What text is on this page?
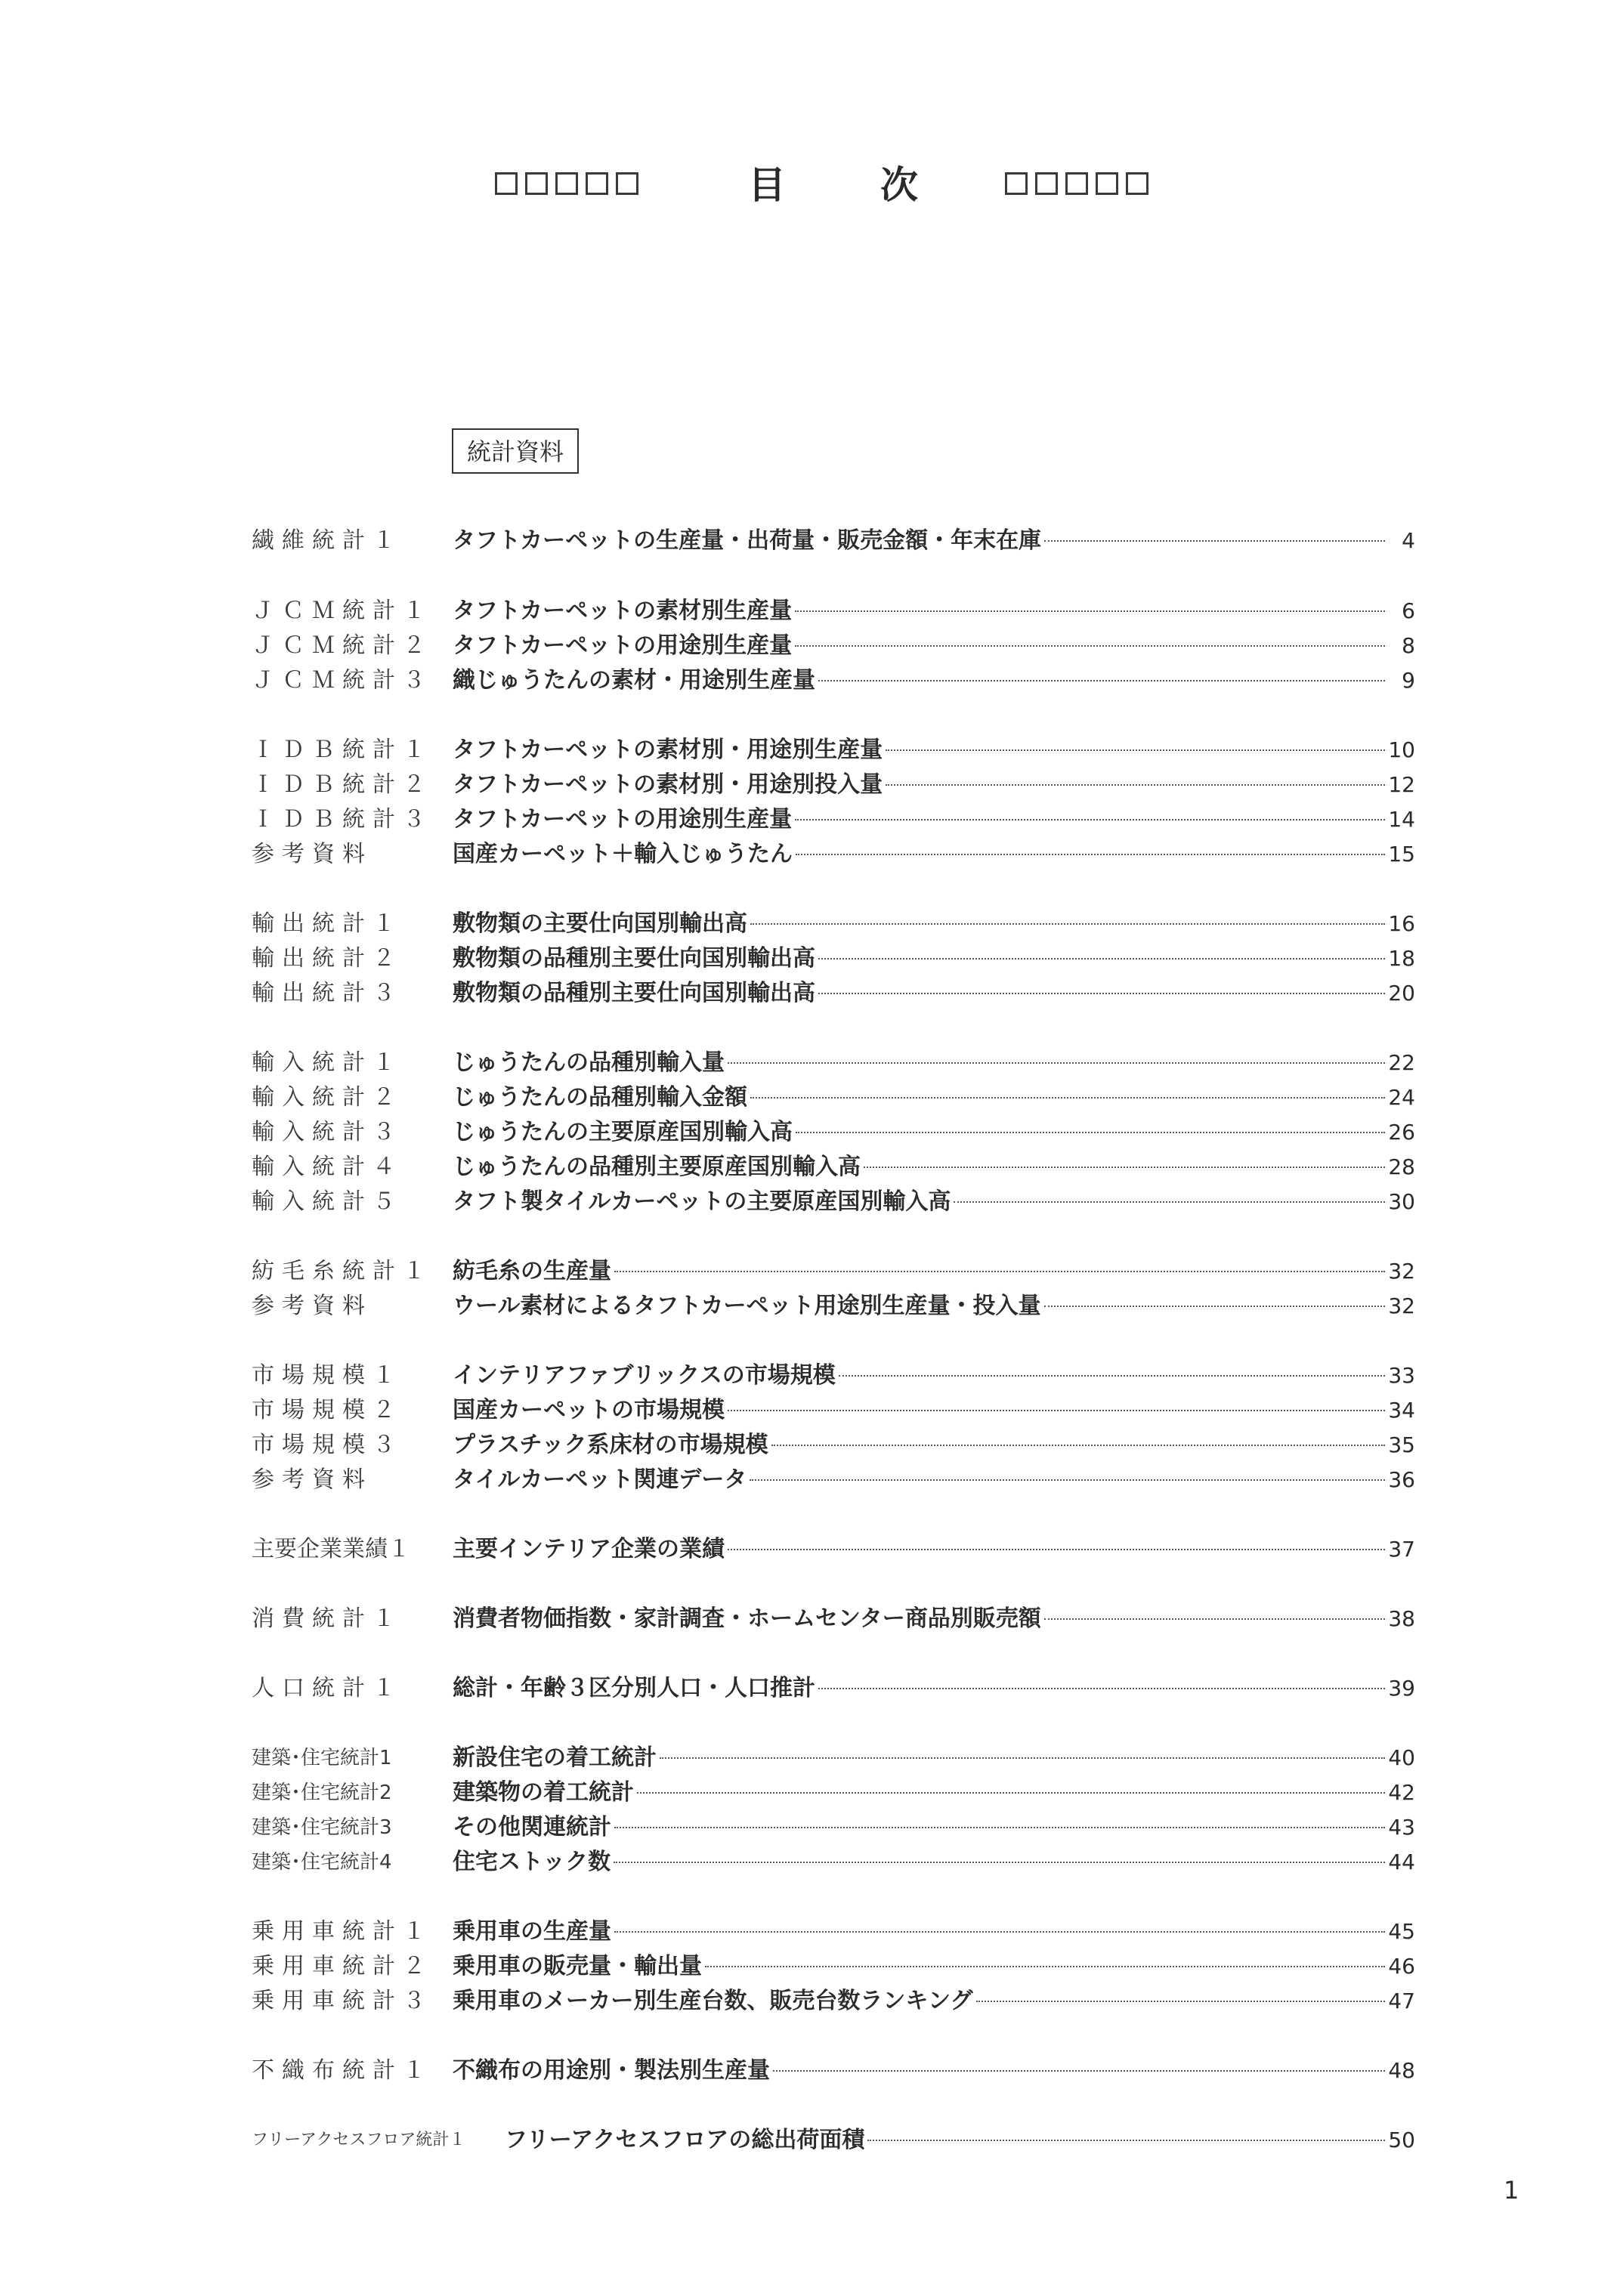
目	次
統計資料
繊維統計１	タフトカーペットの生産量・出荷量・販売金額・年末在庫	4
ＪＣＭ統計１ タフトカーペットの素材別生産量	6
ＪＣＭ統計２ タフトカーペットの用途別生産量	8
ＪＣＭ統計３ 織じゅうたんの素材・用途別生産量	9
ＩＤＢ統計１ タフトカーペットの素材別・用途別生産量	10
ＩＤＢ統計２ タフトカーペットの素材別・用途別投入量	12
ＩＤＢ統計３ タフトカーペットの用途別生産量	14
参考資料	国産カーペット＋輸入じゅうたん	15
輸出統計１	敷物類の主要仕向国別輸出高	16
輸出統計２	敷物類の品種別主要仕向国別輸出高	18
輸出統計３	敷物類の品種別主要仕向国別輸出高	20
輸入統計１	じゅうたんの品種別輸入量	22
輸入統計２	じゅうたんの品種別輸入金額	24
輸入統計３	じゅうたんの主要原産国別輸入高	26
輸入統計４	じゅうたんの品種別主要原産国別輸入高	28
輸入統計５	タフト製タイルカーペットの主要原産国別輸入高	30
紡毛糸統計１ 紡毛糸の生産量	32
参考資料	ウール素材によるタフトカーペット用途別生産量・投入量	32
市場規模１	インテリアファブリックスの市場規模	33
市場規模２	国産カーペットの市場規模	34
市場規模３	プラスチック系床材の市場規模	35
参考資料	タイルカーペット関連データ	36
主要企業業績１	主要インテリア企業の業績	37
消費統計１	消費者物価指数・家計調査・ホームセンター商品別販売額	38
人口統計１	総計・年齢３区分別人口・人口推計	39
建築･住宅統計1	新設住宅の着工統計	40
建築･住宅統計2	建築物の着工統計	42
建築･住宅統計3	その他関連統計	43
建築･住宅統計4	住宅ストック数	44
乗用車統計１ 乗用車の生産量	45
乗用車統計２ 乗用車の販売量・輸出量	46
乗用車統計３ 乗用車のメーカー別生産台数、販売台数ランキング	47
不織布統計１ 不織布の用途別・製法別生産量	48
フリーアクセスフロア統計１ フリーアクセスフロアの総出荷面積	50
1
